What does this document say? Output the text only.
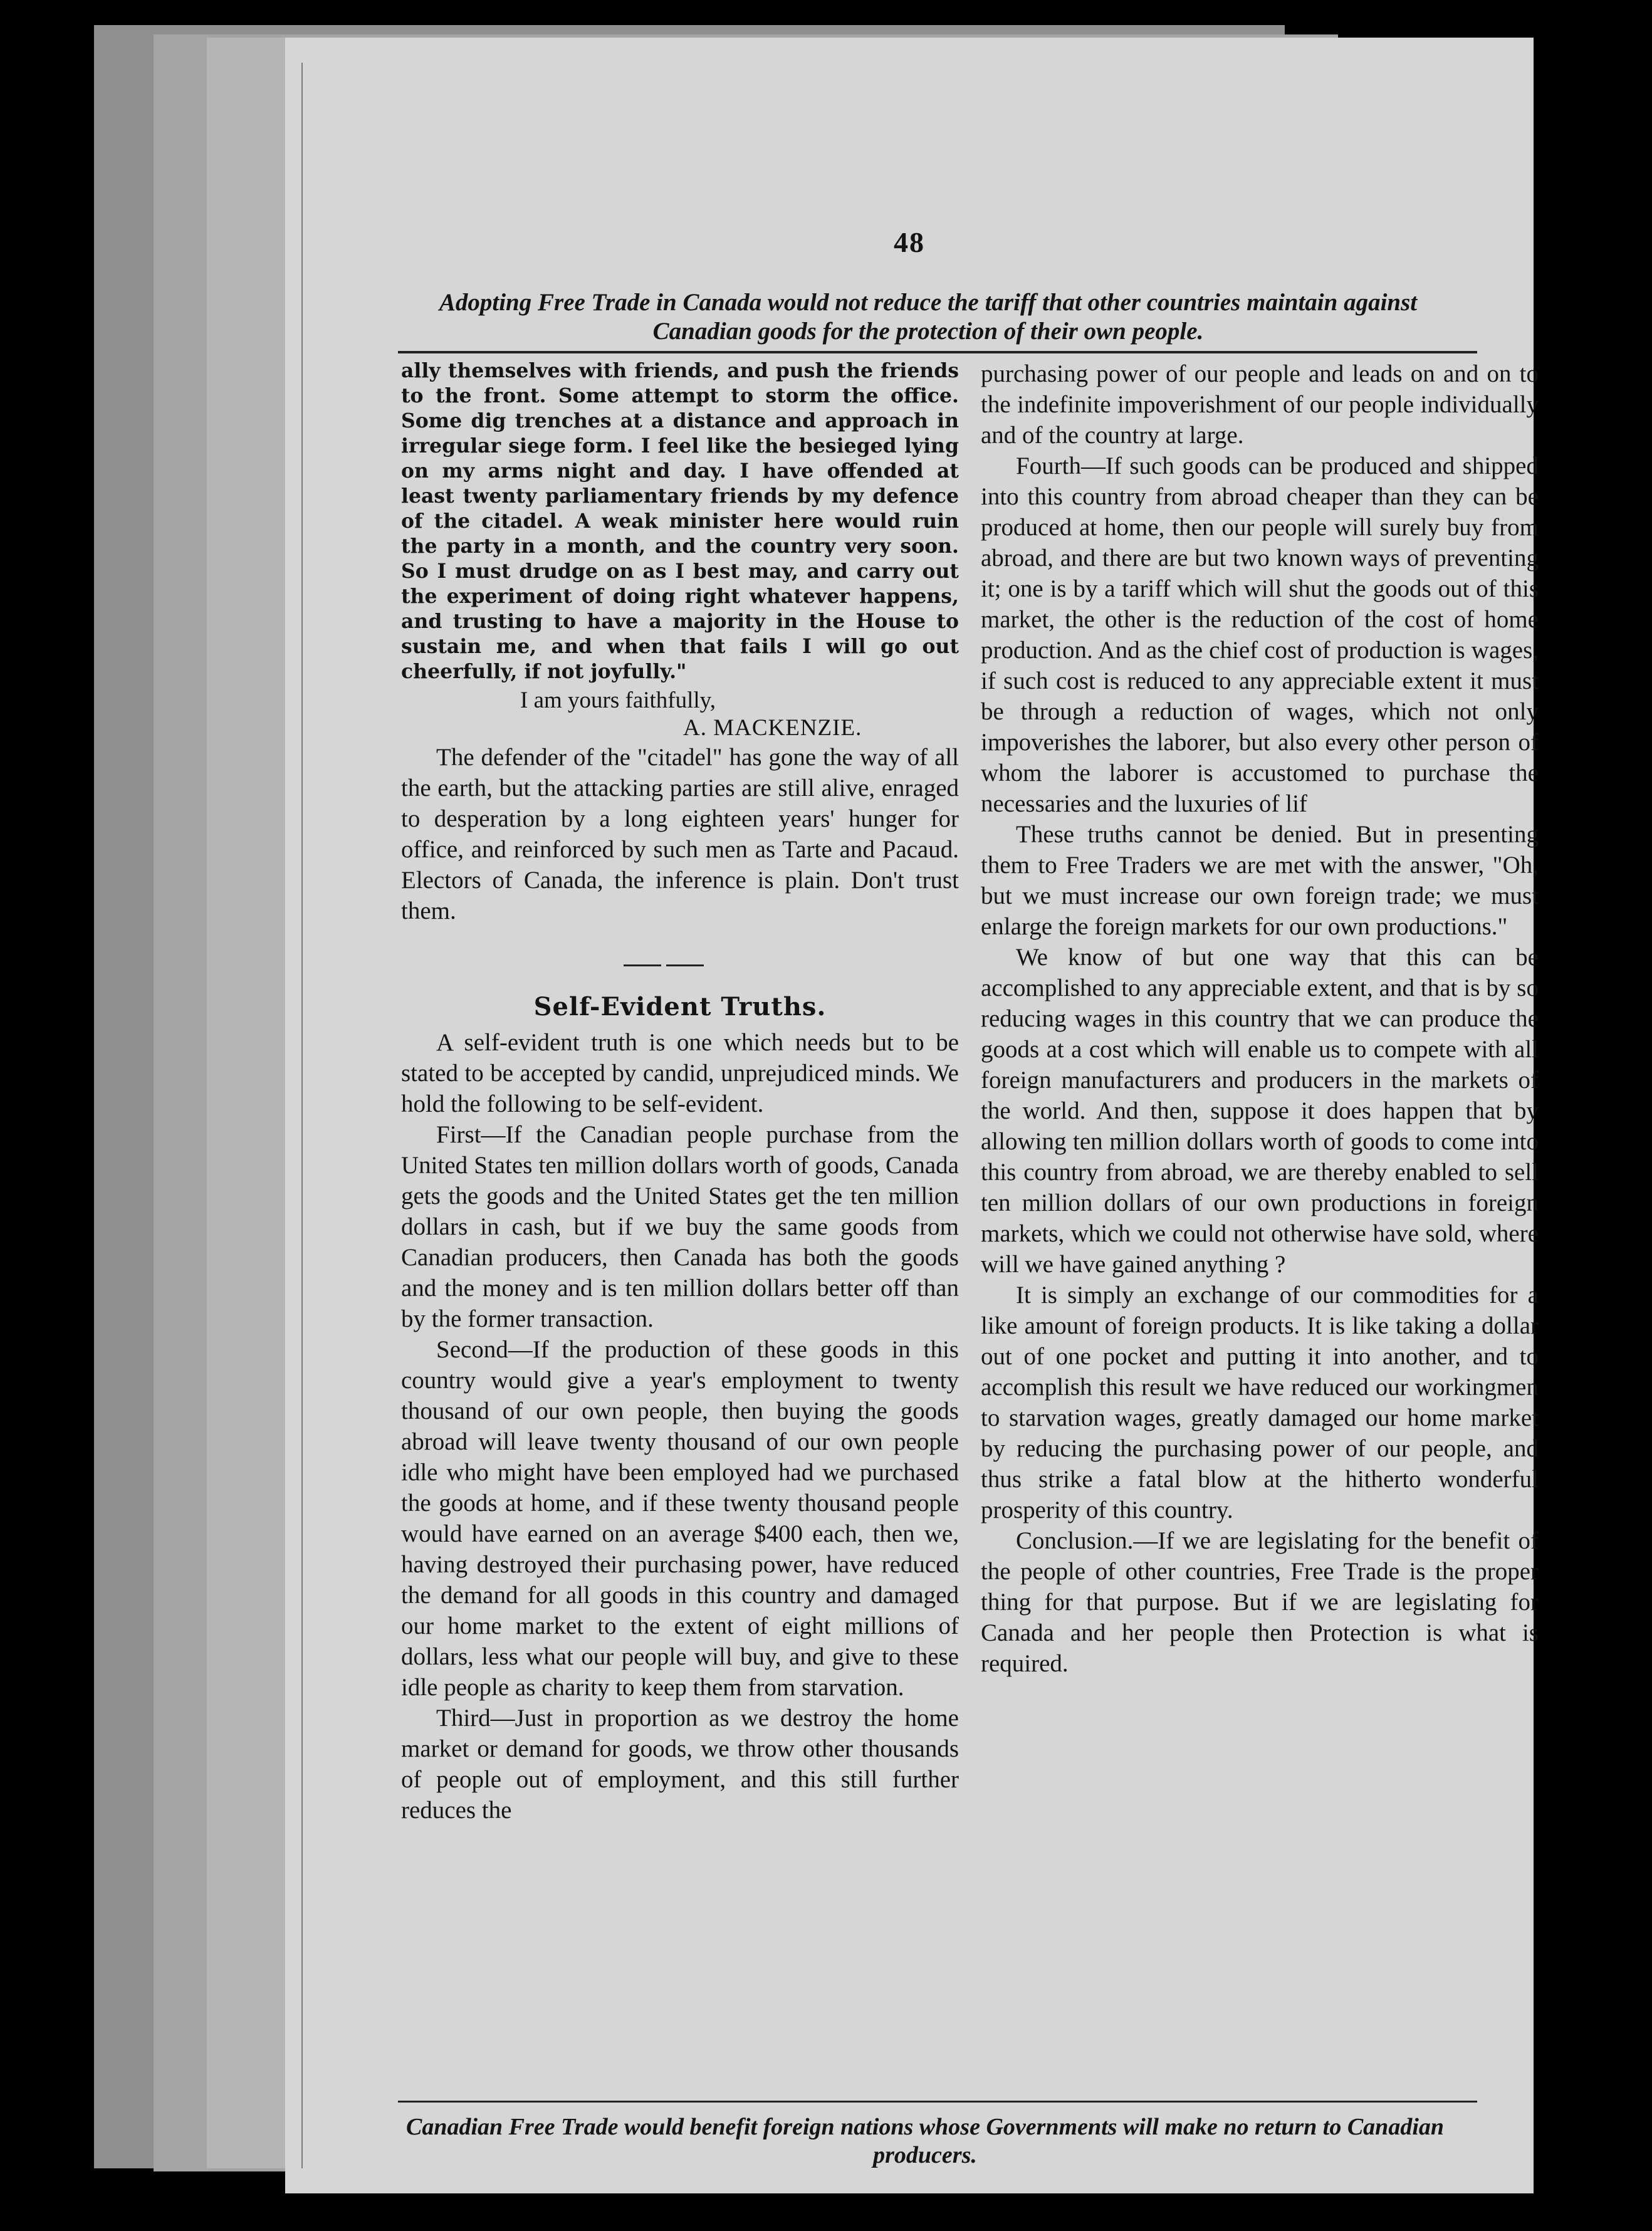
48
Adopting Free Trade in Canada would not reduce the tariff that other countries maintain against Canadian goods for the protection of their own people.

ally themselves with friends, and push the friends to the front. Some attempt to storm the office. Some dig trenches at a distance and approach in irregular siege form. I feel like the besieged lying on my arms night and day. I have offended at least twenty parliamentary friends by my defence of the citadel. A weak minister here would ruin the party in a month, and the country very soon. So I must drudge on as I best may, and carry out the experiment of doing right whatever happens, and trusting to have a majority in the House to sustain me, and when that fails I will go out cheerfully, if not joyfully."

I am yours faithfully,

A. MACKENZIE.

The defender of the "citadel" has gone the way of all the earth, but the attacking parties are still alive, enraged to desperation by a long eighteen years' hunger for office, and reinforced by such men as Tarte and Pacaud. Electors of Canada, the inference is plain. Don't trust them.

Self-Evident Truths.

A self-evident truth is one which needs but to be stated to be accepted by candid, unprejudiced minds. We hold the following to be self-evident.

First—If the Canadian people purchase from the United States ten million dollars worth of goods, Canada gets the goods and the United States get the ten million dollars in cash, but if we buy the same goods from Canadian producers, then Canada has both the goods and the money and is ten million dollars better off than by the former transaction.

Second—If the production of these goods in this country would give a year's employment to twenty thousand of our own people, then buying the goods abroad will leave twenty thousand of our own people idle who might have been employed had we purchased the goods at home, and if these twenty thousand people would have earned on an average $400 each, then we, having destroyed their purchasing power, have reduced the demand for all goods in this country and damaged our home market to the extent of eight millions of dollars, less what our people will buy, and give to these idle people as charity to keep them from starvation.

Third—Just in proportion as we destroy the home market or demand for goods, we throw other thousands of people out of employment, and this still further reduces the

purchasing power of our people and leads on and on to the indefinite impoverishment of our people individually and of the country at large.

Fourth—If such goods can be produced and shipped into this country from abroad cheaper than they can be produced at home, then our people will surely buy from abroad, and there are but two known ways of preventing it; one is by a tariff which will shut the goods out of this market, the other is the reduction of the cost of home production. And as the chief cost of production is wages, if such cost is reduced to any appreciable extent it must be through a reduction of wages, which not only impoverishes the laborer, but also every other person of whom the laborer is accustomed to purchase the necessaries and the luxuries of lif

These truths cannot be denied. But in presenting them to Free Traders we are met with the answer, "Oh, but we must increase our own foreign trade; we must enlarge the foreign markets for our own productions."

We know of but one way that this can be accomplished to any appreciable extent, and that is by so reducing wages in this country that we can produce the goods at a cost which will enable us to compete with all foreign manufacturers and producers in the markets of the world. And then, suppose it does happen that by allowing ten million dollars worth of goods to come into this country from abroad, we are thereby enabled to sell ten million dollars of our own productions in foreign markets, which we could not otherwise have sold, where will we have gained anything ?

It is simply an exchange of our commodities for a like amount of foreign products. It is like taking a dollar out of one pocket and putting it into another, and to accomplish this result we have reduced our workingmen to starvation wages, greatly damaged our home market by reducing the purchasing power of our people, and thus strike a fatal blow at the hitherto wonderful prosperity of this country.

Conclusion.—If we are legislating for the benefit of the people of other countries, Free Trade is the proper thing for that purpose. But if we are legislating for Canada and her people then Protection is what is required.

Canadian Free Trade would benefit foreign nations whose Governments will make no return to Canadian producers.
